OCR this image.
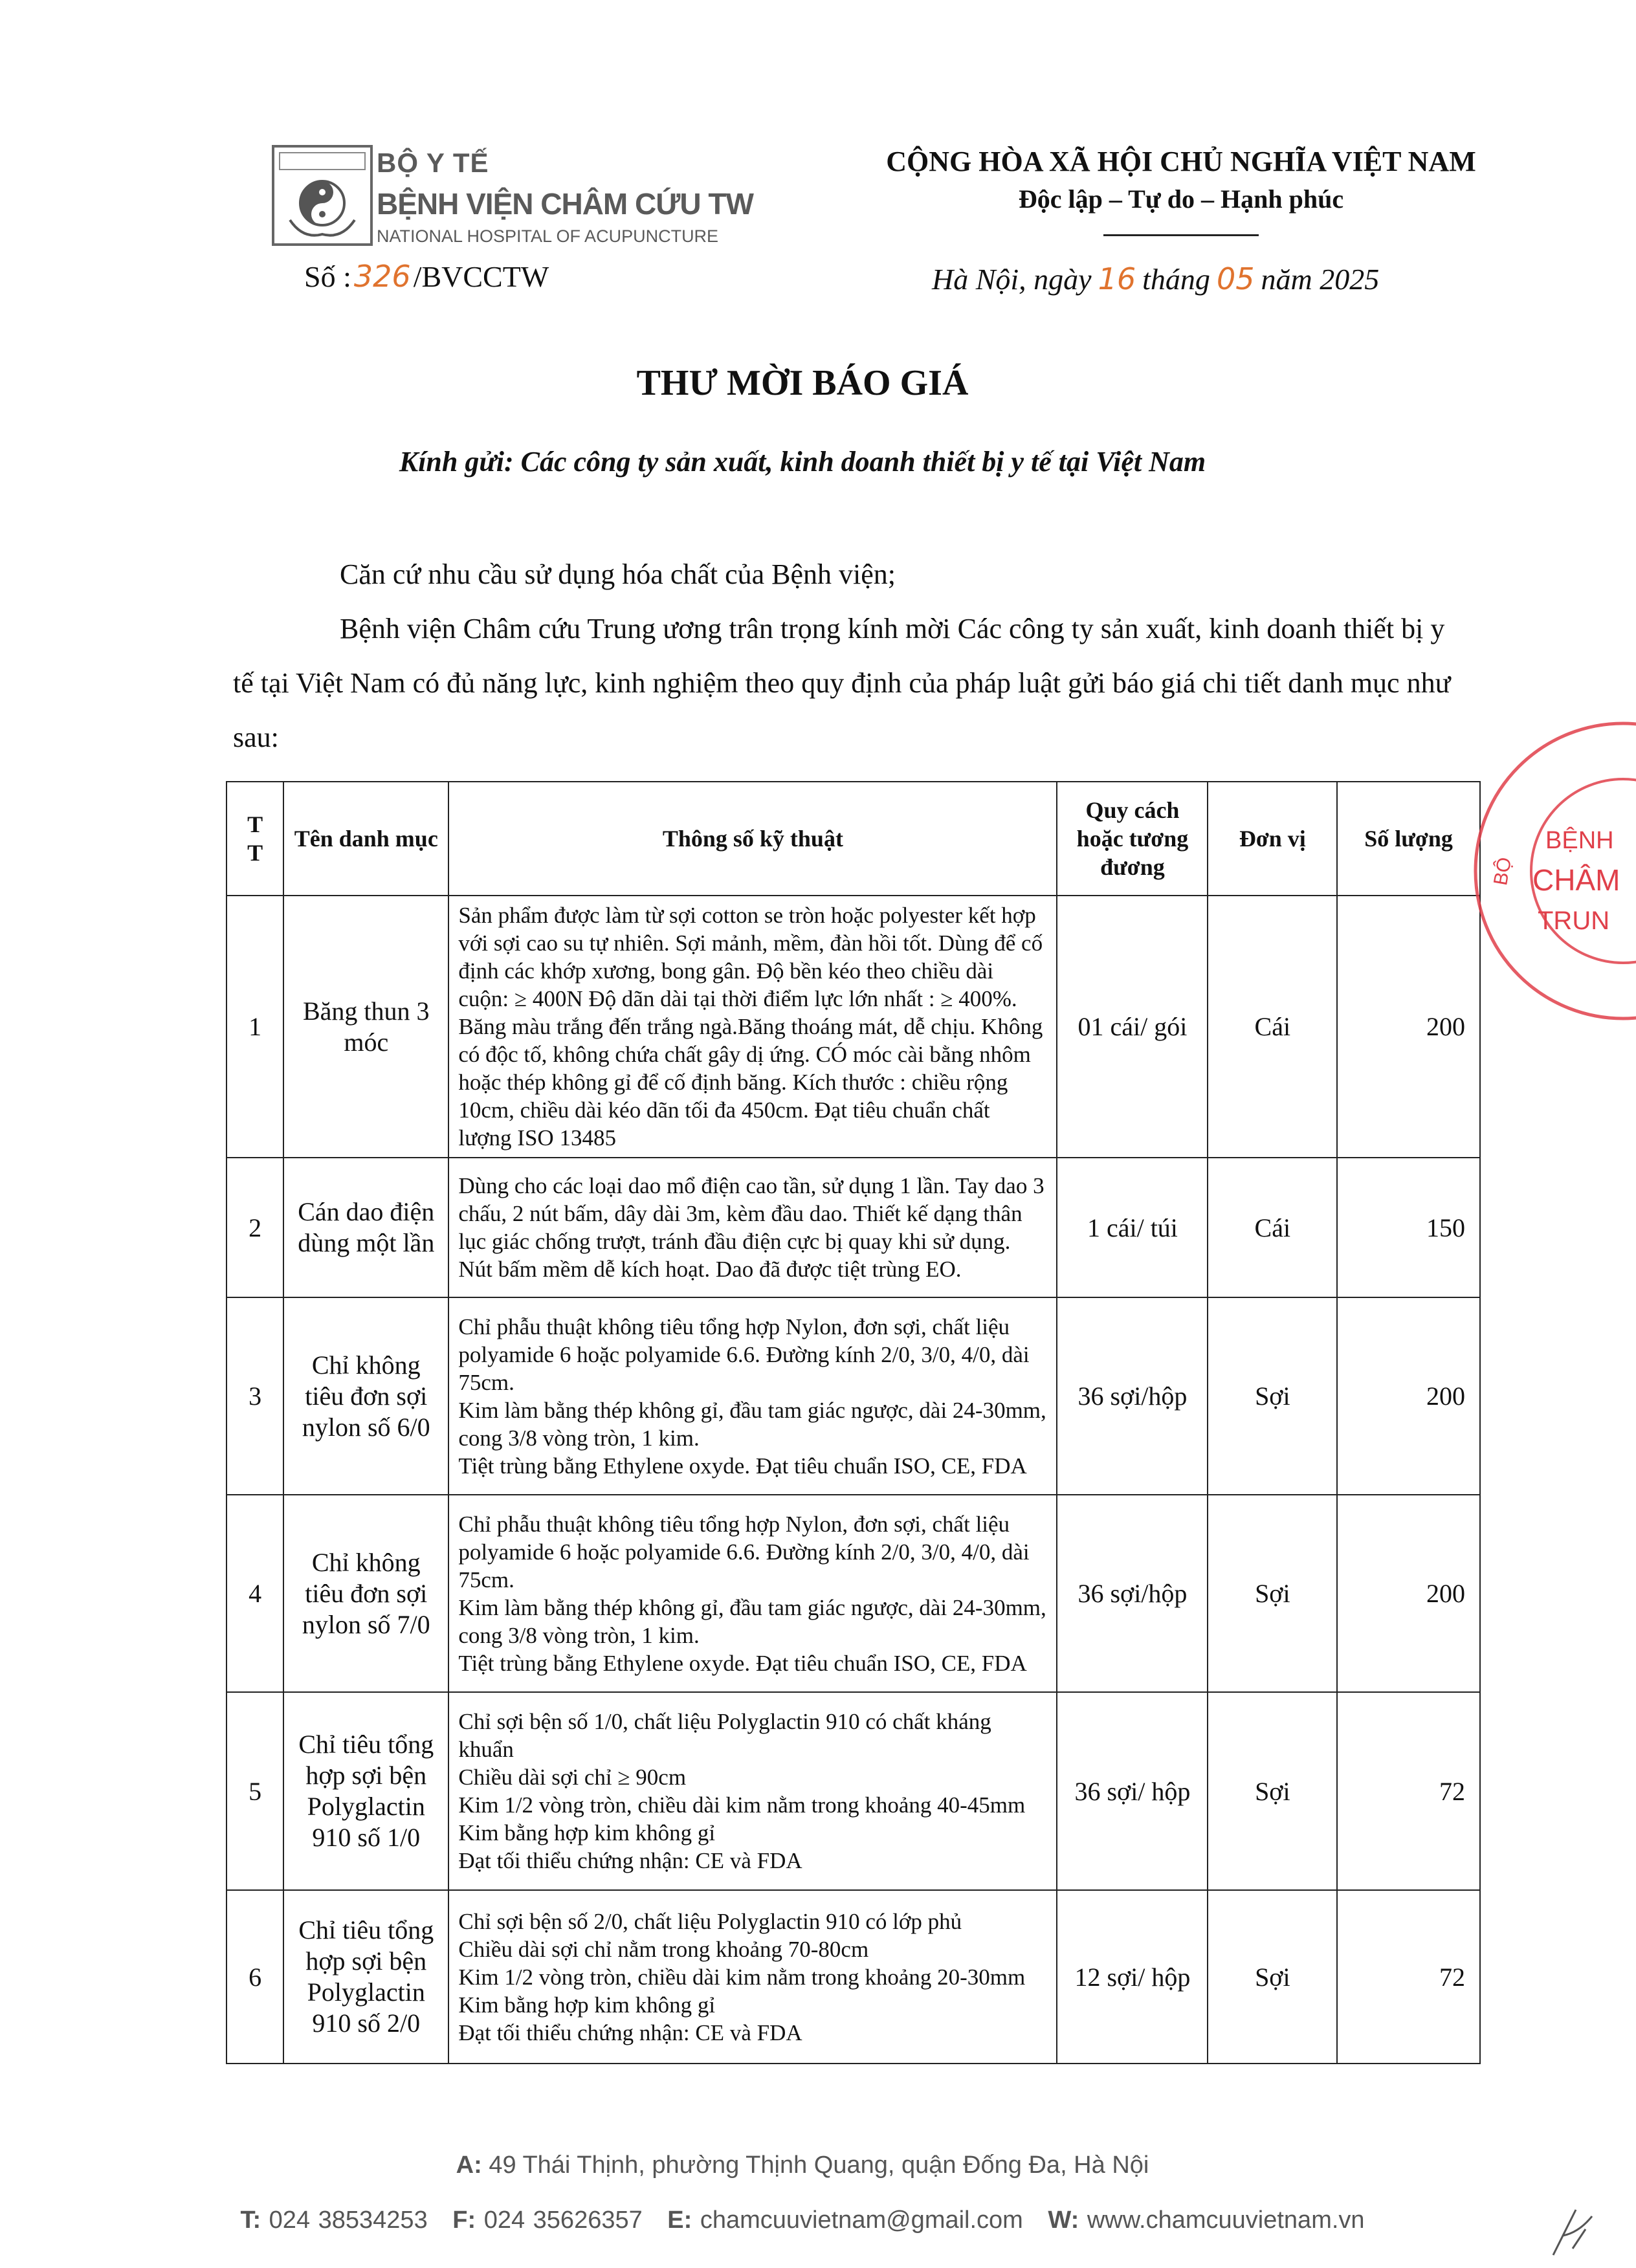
BỘ Y TẾ
BỆNH VIỆN CHÂM CỨU TW
NATIONAL HOSPITAL OF ACUPUNCTURE
CỘNG HÒA XÃ HỘI CHỦ NGHĨA VIỆT NAM
Độc lập – Tự do – Hạnh phúc
Số : 326 /BVCCTW	Hà Nội, ngày 16 tháng 05 năm 2025
THƯ MỜI BÁO GIÁ
Kính gửi: Các công ty sản xuất, kinh doanh thiết bị y tế tại Việt Nam
Căn cứ nhu cầu sử dụng hóa chất của Bệnh viện;
Bệnh viện Châm cứu Trung ương trân trọng kính mời Các công ty sản xuất, kinh doanh thiết bị y tế tại Việt Nam có đủ năng lực, kinh nghiệm theo quy định của pháp luật gửi báo giá chi tiết danh mục như sau:
T
T	Tên danh mục	Thông số kỹ thuật	Quy cách hoặc tương đương	Đơn vị	Số lượng
1	Băng thun 3 móc	Sản phẩm được làm từ sợi cotton se tròn hoặc polyester kết hợp với sợi cao su tự nhiên. Sợi mảnh, mềm, đàn hồi tốt. Dùng để cố định các khớp xương, bong gân. Độ bền kéo theo chiều dài cuộn: ≥ 400N Độ dãn dài tại thời điểm lực lớn nhất : ≥ 400%. Băng màu trắng đến trắng ngà.Băng thoáng mát, dễ chịu. Không có độc tố, không chứa chất gây dị ứng. CÓ móc cài bằng nhôm hoặc thép không gỉ để cố định băng. Kích thước : chiều rộng 10cm, chiều dài kéo dãn tối đa 450cm. Đạt tiêu chuẩn chất lượng ISO 13485	01 cái/ gói	Cái	200
2	Cán dao điện dùng một lần	Dùng cho các loại dao mổ điện cao tần, sử dụng 1 lần. Tay dao 3 chấu, 2 nút bấm, dây dài 3m, kèm đầu dao. Thiết kế dạng thân lục giác chống trượt, tránh đầu điện cực bị quay khi sử dụng. Nút bấm mềm dễ kích hoạt. Dao đã được tiệt trùng EO.	1 cái/ túi	Cái	150
3	Chỉ không tiêu đơn sợi nylon số 6/0	Chỉ phẫu thuật không tiêu tổng hợp Nylon, đơn sợi, chất liệu polyamide 6 hoặc polyamide 6.6. Đường kính 2/0, 3/0, 4/0, dài 75cm.
Kim làm bằng thép không gỉ, đầu tam giác ngược, dài 24-30mm, cong 3/8 vòng tròn, 1 kim.
Tiệt trùng bằng Ethylene oxyde. Đạt tiêu chuẩn ISO, CE, FDA	36 sợi/hộp	Sợi	200
4	Chỉ không tiêu đơn sợi nylon số 7/0	Chỉ phẫu thuật không tiêu tổng hợp Nylon, đơn sợi, chất liệu polyamide 6 hoặc polyamide 6.6. Đường kính 2/0, 3/0, 4/0, dài 75cm.
Kim làm bằng thép không gỉ, đầu tam giác ngược, dài 24-30mm, cong 3/8 vòng tròn, 1 kim.
Tiệt trùng bằng Ethylene oxyde. Đạt tiêu chuẩn ISO, CE, FDA	36 sợi/hộp	Sợi	200
5	Chỉ tiêu tổng hợp sợi bện Polyglactin 910 số 1/0	Chỉ sợi bện số 1/0, chất liệu Polyglactin 910 có chất kháng khuẩn
Chiều dài sợi chỉ ≥ 90cm
Kim 1/2 vòng tròn, chiều dài kim nằm trong khoảng 40-45mm
Kim bằng hợp kim không gỉ
Đạt tối thiểu chứng nhận: CE và FDA	36 sợi/ hộp	Sợi	72
6	Chỉ tiêu tổng hợp sợi bện Polyglactin 910 số 2/0	Chỉ sợi bện số 2/0, chất liệu Polyglactin 910 có lớp phủ
Chiều dài sợi chỉ nằm trong khoảng 70-80cm
Kim 1/2 vòng tròn, chiều dài kim nằm trong khoảng 20-30mm
Kim bằng hợp kim không gỉ
Đạt tối thiểu chứng nhận: CE và FDA	12 sợi/ hộp	Sợi	72
BỆNH
CHÂM
TRUN
BỘ
A: 49 Thái Thịnh, phường Thịnh Quang, quận Đống Đa, Hà Nội
T: 024 38534253 F: 024 35626357 E: chamcuuvietnam@gmail.com W: www.chamcuuvietnam.vn
